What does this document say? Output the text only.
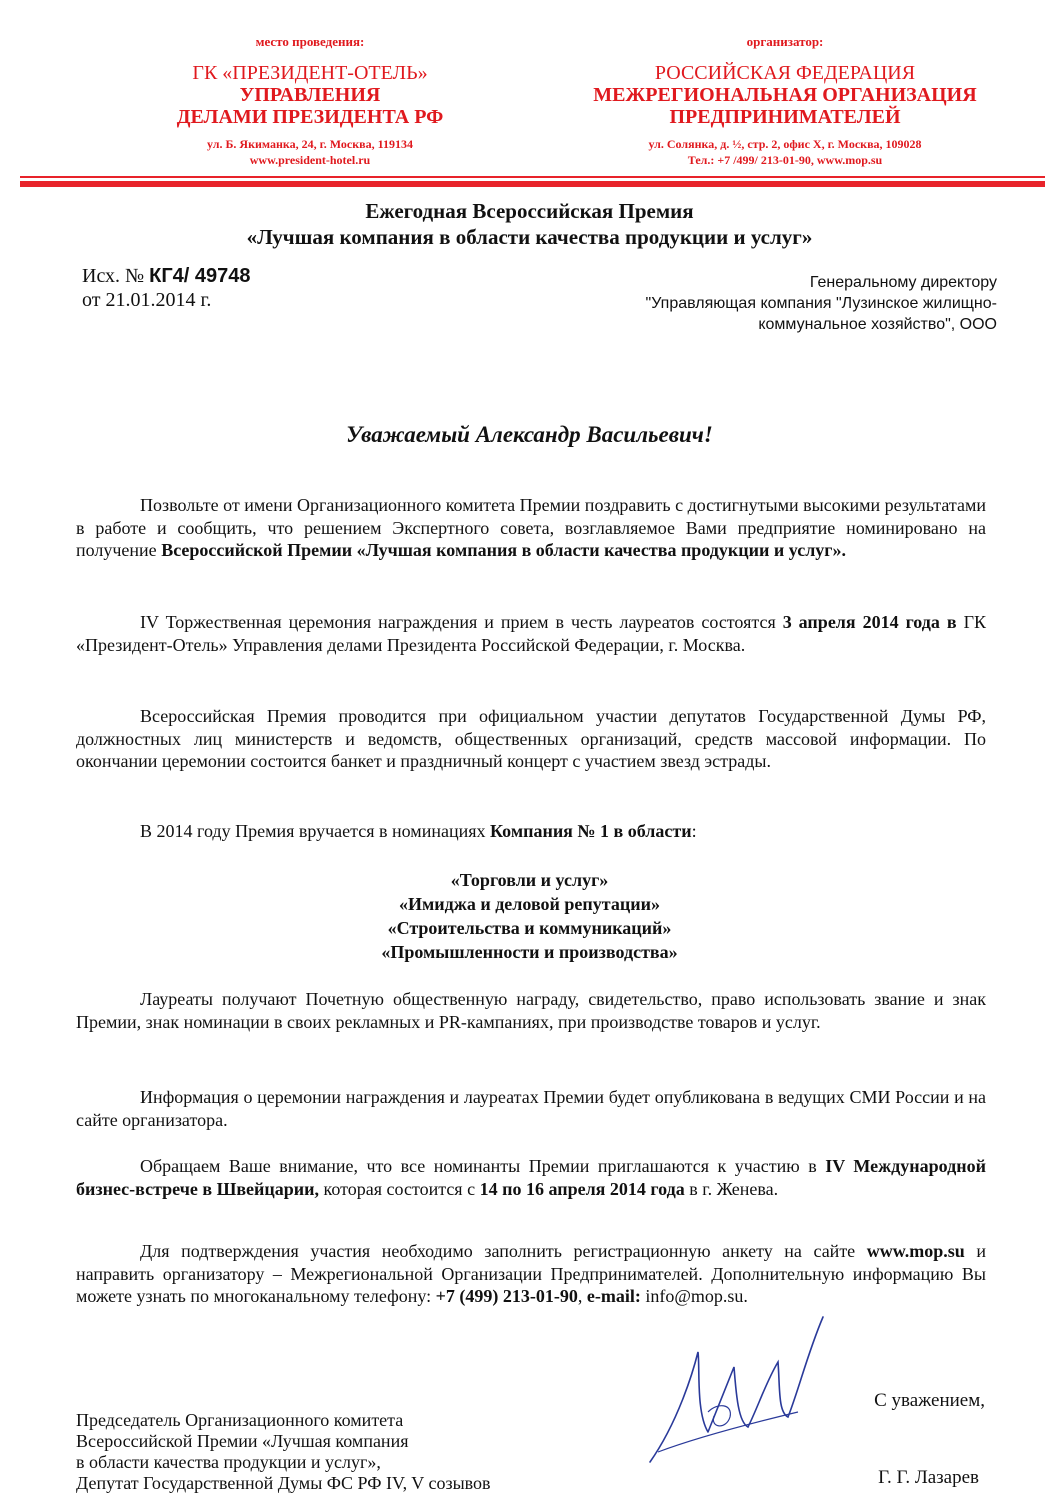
место проведения:
ГК «ПРЕЗИДЕНТ-ОТЕЛЬ»
УПРАВЛЕНИЯ
ДЕЛАМИ ПРЕЗИДЕНТА РФ
ул. Б. Якиманка, 24, г. Москва, 119134
www.president-hotel.ru
организатор:
РОССИЙСКАЯ ФЕДЕРАЦИЯ
МЕЖРЕГИОНАЛЬНАЯ ОРГАНИЗАЦИЯ
ПРЕДПРИНИМАТЕЛЕЙ
ул. Солянка, д. ½, стр. 2, офис X, г. Москва, 109028
Тел.: +7 /499/ 213-01-90, www.mop.su
Ежегодная Всероссийская Премия
«Лучшая компания в области качества продукции и услуг»
Исх. № КГ4/ 49748
от 21.01.2014 г.
Генеральному директору
"Управляющая компания "Лузинское жилищно-
коммунальное хозяйство", ООО
Уважаемый Александр Васильевич!

Позвольте от имени Организационного комитета Премии поздравить с достигнутыми высокими результатами в работе и сообщить, что решением Экспертного совета, возглавляемое Вами предприятие номинировано на получение Всероссийской Премии «Лучшая компания в области качества продукции и услуг».

IV Торжественная церемония награждения и прием в честь лауреатов состоятся 3 апреля 2014 года в ГК «Президент-Отель» Управления делами Президента Российской Федерации, г. Москва.

Всероссийская Премия проводится при официальном участии депутатов Государственной Думы РФ, должностных лиц министерств и ведомств, общественных организаций, средств массовой информации. По окончании церемонии состоится банкет и праздничный концерт с участием звезд эстрады.

В 2014 году Премия вручается в номинациях Компания № 1 в области:

«Торговли и услуг»
«Имиджа и деловой репутации»
«Строительства и коммуникаций»
«Промышленности и производства»

Лауреаты получают Почетную общественную награду, свидетельство, право использовать звание и знак Премии, знак номинации в своих рекламных и PR-кампаниях, при производстве товаров и услуг.

Информация о церемонии награждения и лауреатах Премии будет опубликована в ведущих СМИ России и на сайте организатора.

Обращаем Ваше внимание, что все номинанты Премии приглашаются к участию в IV Международной бизнес-встрече в Швейцарии, которая состоится с 14 по 16 апреля 2014 года в г. Женева.

Для подтверждения участия необходимо заполнить регистрационную анкету на сайте www.mop.su и направить организатору – Межрегиональной Организации Предпринимателей. Дополнительную информацию Вы можете узнать по многоканальному телефону: +7 (499) 213-01-90, e-mail: info@mop.su.

С уважением,
Председатель Организационного комитета
Всероссийской Премии «Лучшая компания
в области качества продукции и услуг»,
Депутат Государственной Думы ФС РФ IV, V созывов	Г. Г. Лазарев
